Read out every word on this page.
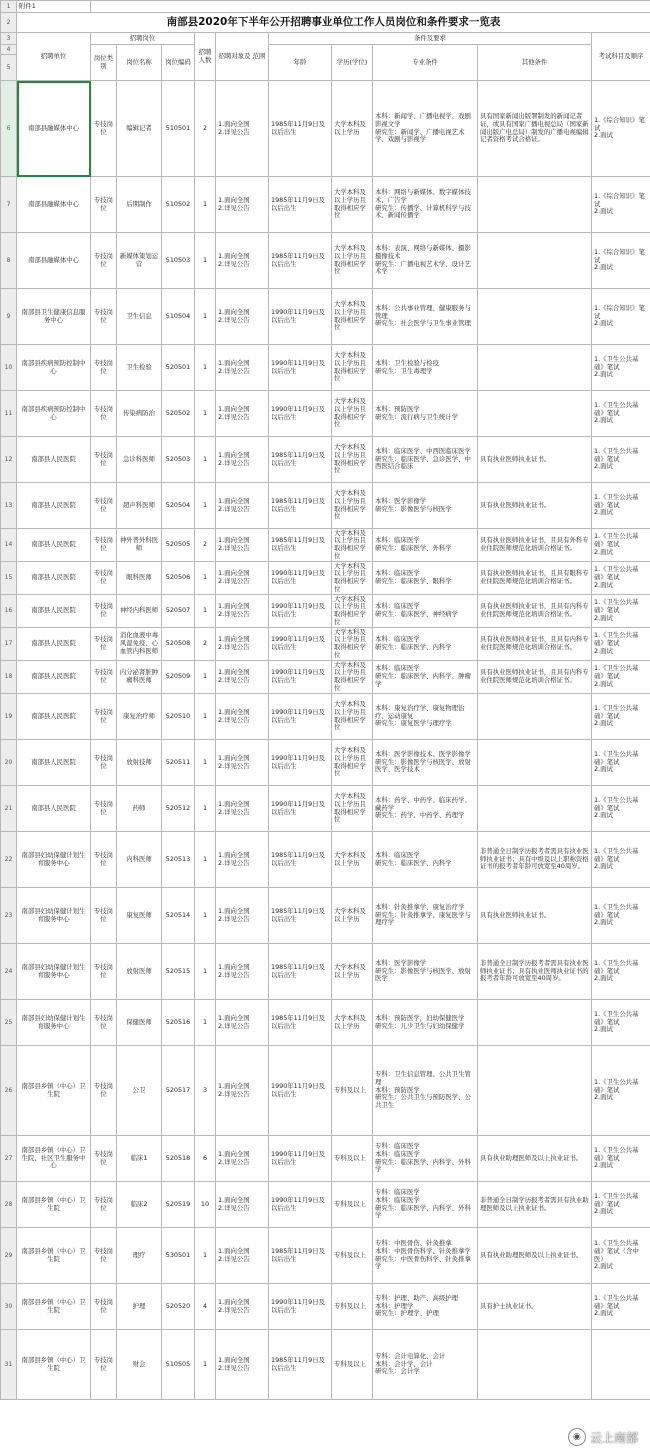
1	附件1										
2	南部县2020年下半年公开招聘事业单位工作人员岗位和条件要求一览表										
3	招聘单位	招聘岗位			招聘人数	招聘对象及 范围	条件及要求				考试科目及顺序
4		岗位类别	岗位名称	岗位编码			年龄	学历(学位)	专业条件	其他条件	
5											
6	南部县融媒体中心	专技岗位	编辑记者	510501	2	1.面向全国
2.详见公告	1985年11月9日及以后出生	大学本科及以上学历	本科：新闻学、广播电视学、戏剧影视文学
研究生：新闻学、广播电视艺术学、戏剧与影视学	具有国家新闻出版署制发的新闻记者证，或具有国家广播电视总局（国家新闻出版广电总局）制发的广播电视编辑记者资格考试合格证。	1.《综合知识》笔试
2.面试
7	南部县融媒体中心	专技岗位	后期制作	510502	1	1.面向全国
2.详见公告	1985年11月9日及以后出生	大学本科及以上学历且取得相应学位	本科：网络与新媒体、数字媒体技术、广告学
研究生：传播学、计算机科学与技术、新闻传播学		1.《综合知识》笔试
2.面试
8	南部县融媒体中心	专技岗位	新媒体策划运营	510503	1	1.面向全国
2.详见公告	1985年11月9日及以后出生	大学本科及以上学历且取得相应学位	本科：表演、网络与新媒体、摄影摄像技术
研究生：广播电视艺术学、设计艺术学		1.《综合知识》笔试
2.面试
9	南部县卫生健康信息服务中心	专技岗位	卫生信息	510504	1	1.面向全国
2.详见公告	1990年11月9日及以后出生	大学本科及以上学历且取得相应学位	本科：公共事业管理、健康服务与管理
研究生：社会医学与卫生事业管理		1.《综合知识》笔试
2.面试
10	南部县疾病预防控制中心	专技岗位	卫生检验	520501	1	1.面向全国
2.详见公告	1990年11月9日及以后出生	大学本科及以上学历且取得相应学位	本科：卫生检验与检疫
研究生：卫生毒理学		1.《卫生公共基础》笔试
2.面试
11	南部县疾病预防控制中心	专技岗位	传染病防治	520502	1	1.面向全国
2.详见公告	1990年11月9日及以后出生	大学本科及以上学历且取得相应学位	本科：预防医学
研究生：流行病与卫生统计学		1.《卫生公共基础》笔试
2.面试
12	南部县人民医院	专技岗位	急诊科医师	520503	1	1.面向全国
2.详见公告	1985年11月9日及以后出生	大学本科及以上学历且取得相应学位	本科：临床医学、中西医临床医学
研究生：临床医学、急诊医学、中西医结合临床	具有执业医师执业证书。	1.《卫生公共基础》笔试
2.面试
13	南部县人民医院	专技岗位	超声科医师	520504	1	1.面向全国
2.详见公告	1985年11月9日及以后出生	大学本科及以上学历且取得相应学位	本科：医学影像学
研究生：影像医学与核医学	具有执业医师执业证书。	1.《卫生公共基础》笔试
2.面试
14	南部县人民医院	专技岗位	神外普外科医师	520505	2	1.面向全国
2.详见公告	1985年11月9日及以后出生	大学本科及以上学历且取得相应学位	本科：临床医学
研究生：临床医学、外科学	具有执业医师执业证书，且具有外科专业住院医师规范化培训合格证书。	1.《卫生公共基础》笔试
2.面试
15	南部县人民医院	专技岗位	眼科医师	520506	1	1.面向全国
2.详见公告	1990年11月9日及以后出生	大学本科及以上学历且取得相应学位	本科：临床医学
研究生：临床医学、眼科学	具有执业医师执业证书，且具有眼科专业住院医师规范化培训合格证书。	1.《卫生公共基础》笔试
2.面试
16	南部县人民医院	专技岗位	神经内科医师	520507	1	1.面向全国
2.详见公告	1990年11月9日及以后出生	大学本科及以上学历且取得相应学位	本科：临床医学
研究生：临床医学、神经病学	具有执业医师执业证书，且具有内科专业住院医师规范化培训合格证书。	1.《卫生公共基础》笔试
2.面试
17	南部县人民医院	专技岗位	消化血液中毒风湿免疫、心血管内科医师	520508	2	1.面向全国
2.详见公告	1990年11月9日及以后出生	大学本科及以上学历且取得相应学位	本科：临床医学
研究生：临床医学、内科学	具有执业医师执业证书，且具有内科专业住院医师规范化培训合格证书。	1.《卫生公共基础》笔试
2.面试
18	南部县人民医院	专技岗位	内分泌肾脏肿瘤科医师	520509	1	1.面向全国
2.详见公告	1990年11月9日及以后出生	大学本科及以上学历且取得相应学位	本科：临床医学
研究生：临床医学、内科学、肿瘤学	具有执业医师执业证书，且具有内科专业住院医师规范化培训合格证书。	1.《卫生公共基础》笔试
2.面试
19	南部县人民医院	专技岗位	康复治疗师	520510	1	1.面向全国
2.详见公告	1990年11月9日及以后出生	大学本科及以上学历且取得相应学位	本科：康复治疗学、康复物理治疗、运动康复
研究生：康复医学与理疗学		1.《卫生公共基础》笔试
2.面试
20	南部县人民医院	专技岗位	放射技师	520511	1	1.面向全国
2.详见公告	1990年11月9日及以后出生	大学本科及以上学历且取得相应学位	本科：医学影像技术、医学影像学
研究生：影像医学与核医学、放射医学、医学技术		1.《卫生公共基础》笔试
2.面试
21	南部县人民医院	专技岗位	药师	520512	1	1.面向全国
2.详见公告	1990年11月9日及以后出生	大学本科及以上学历且取得相应学位	本科：药学、中药学、临床药学、藏药学
研究生：药学、中药学、药理学		1.《卫生公共基础》笔试
2.面试
22	南部县妇幼保健计划生育服务中心	专技岗位	内科医师	520513	1	1.面向全国
2.详见公告	1985年11月9日及以后出生	大学本科及以上学历	本科：临床医学
研究生：临床医学、内科学	非普通全日制学历报考者需具有执业医师执业证书；具有中级及以上职称资格证书的报考者年龄可放宽至40周岁。	1.《卫生公共基础》笔试
2.面试
23	南部县妇幼保健计划生育服务中心	专技岗位	康复医师	520514	1	1.面向全国
2.详见公告	1985年11月9日及以后出生	大学本科及以上学历	本科：针灸推拿学、康复治疗学
研究生：针灸推拿学、康复医学与理疗学	具有执业医师执业证书。	1.《卫生公共基础》笔试
2.面试
24	南部县妇幼保健计划生育服务中心	专技岗位	放射医师	520515	1	1.面向全国
2.详见公告	1985年11月9日及以后出生	大学本科及以上学历	本科：医学影像学
研究生：影像医学与核医学、放射医学	非普通全日制学历报考者需具有执业医师执业证书；具有执业医师执业证书的报考者年龄可放宽至40周岁。	1.《卫生公共基础》笔试
2.面试
25	南部县妇幼保健计划生育服务中心	专技岗位	保健医师	520516	1	1.面向全国
2.详见公告	1985年11月9日及以后出生	大学本科及以上学历	本科：预防医学，妇幼保健医学
研究生：儿少卫生与妇幼保健学		1.《卫生公共基础》笔试
2.面试
26	南部县乡镇（中心）卫生院	专技岗位	公卫	520517	3	1.面向全国
2.详见公告	1990年11月9日及以后出生	专科及以上	专科：卫生信息管理、公共卫生管理
本科：预防医学
研究生：公共卫生与预防医学、公共卫生		1.《卫生公共基础》笔试
2.面试
27	南部县乡镇（中心）卫生院、社区卫生服务中心	专技岗位	临床1	520518	6	1.面向全国
2.详见公告	1990年11月9日及以后出生	专科及以上	专科：临床医学
本科：临床医学
研究生：临床医学、内科学、外科学	具有执业助理医师及以上执业证书。	1.《卫生公共基础》笔试
2.面试
28	南部县乡镇（中心）卫生院	专技岗位	临床2	520519	10	1.面向全国
2.详见公告	1990年11月9日及以后出生	专科及以上	专科：临床医学
本科：临床医学
研究生：临床医学、内科学、外科学	非普通全日制学历报考者需具有执业助理医师及以上执业证书。	1.《卫生公共基础》笔试
2.面试
29	南部县乡镇（中心）卫生院	专技岗位	理疗	530501	1	1.面向全国
2.详见公告	1985年11月9日及以后出生	专科及以上	专科：中医骨伤、针灸推拿
本科：中医骨伤科学、针灸推拿学
研究生：中医骨伤科学、针灸推拿学	具有执业助理医师及以上执业证书。	1.《卫生公共基础》笔试（含中医）
2.面试
30	南部县乡镇（中心）卫生院	专技岗位	护理	520520	4	1.面向全国
2.详见公告	1990年11月9日及以后出生	专科及以上	专科：护理、助产、高级护理
本科：护理学
研究生：护理学、护理	具有护士执业证书。	1.《卫生公共基础》笔试
2.面试
31	南部县乡镇（中心）卫生院	专技岗位	财会	510505	1	1.面向全国
2.详见公告	1985年11月9日及以后出生	专科及以上	专科：会计电算化、会计
本科：会计学、会计
研究生：会计学		
◉ 云上南部
